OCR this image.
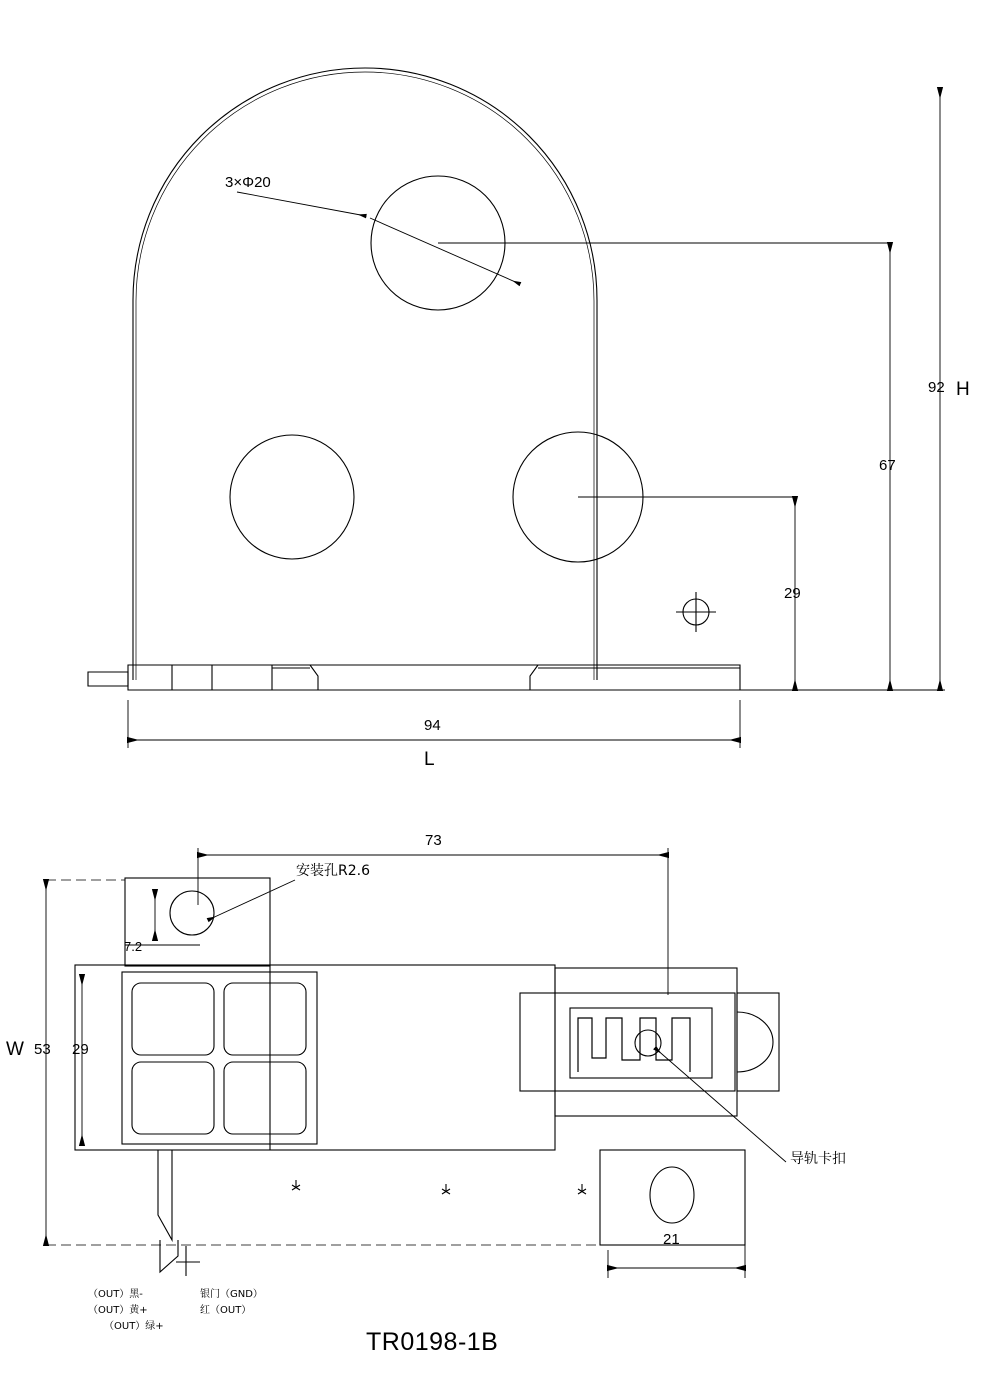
3×Φ20
92 H
67
29
94
L
73
安装孔R2.6
7.2
W 53 29
导轨卡扣
21
（OUT）黑-
（OUT）黄+
（OUT）绿+
银门（GND）
红（OUT）
TR0198-1B
